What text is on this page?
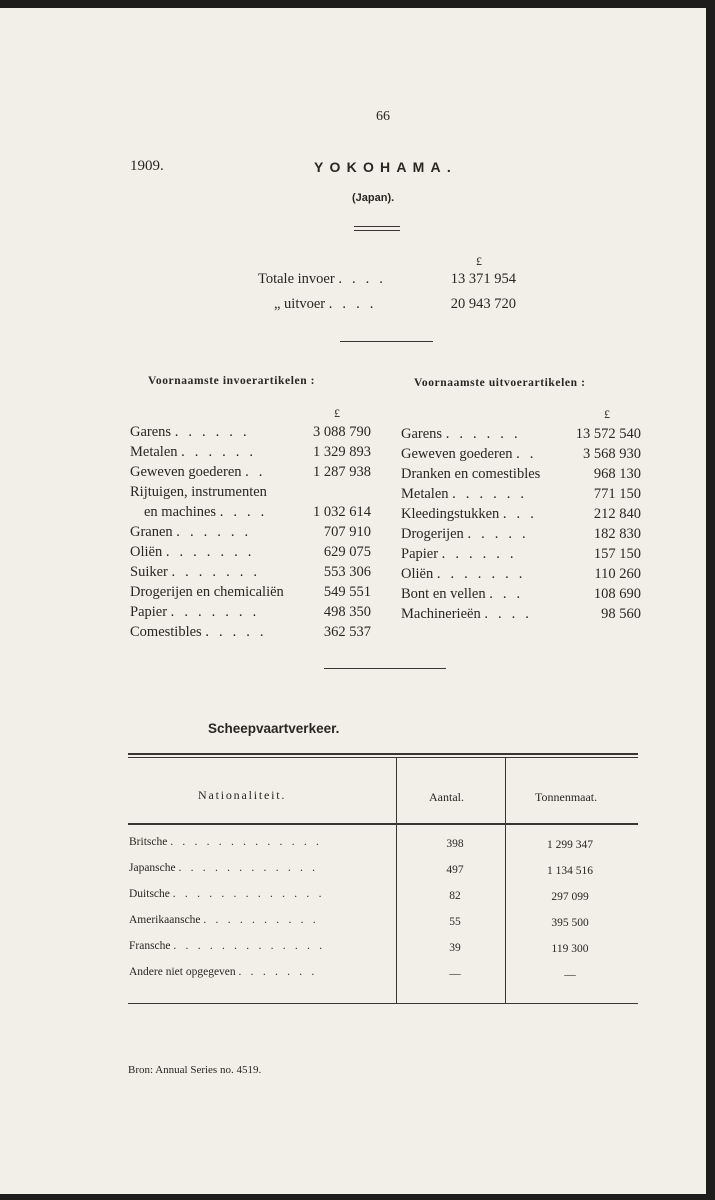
66
1909.	YOKOHAMA.
(Japan).
£
Totale invoer . . . .	13 371 954
„ uitvoer . . . .	20 943 720
Voornaamste invoerartikelen :	Voornaamste uitvoerartikelen :
£	£
Garens . . . . . .	3 088 790
Metalen . . . . . .	1 329 893
Geweven goederen . .	1 287 938
Rijtuigen, instrumenten
en machines . . . .	1 032 614
Granen . . . . . .	707 910
Oliën . . . . . . .	629 075
Suiker . . . . . . .	553 306
Drogerijen en chemicaliën	549 551
Papier . . . . . . .	498 350
Comestibles . . . . .	362 537
Garens . . . . . .	13 572 540
Geweven goederen . .	3 568 930
Dranken en comestibles	968 130
Metalen . . . . . .	771 150
Kleedingstukken . . .	212 840
Drogerijen . . . . .	182 830
Papier . . . . . .	157 150
Oliën . . . . . . .	110 260
Bont en vellen . . .	108 690
Machinerieën . . . .	98 560
Scheepvaartverkeer.
Nationaliteit.	Aantal.	Tonnenmaat.
Britsche . . . . . . . . . . . . .	398	1 299 347
Japansche . . . . . . . . . . . .	497	1 134 516
Duitsche . . . . . . . . . . . . .	82	297 099
Amerikaansche . . . . . . . . . .	55	395 500
Fransche . . . . . . . . . . . . .	39	119 300
Andere niet opgegeven . . . . . . .	—	—
Bron: Annual Series no. 4519.
